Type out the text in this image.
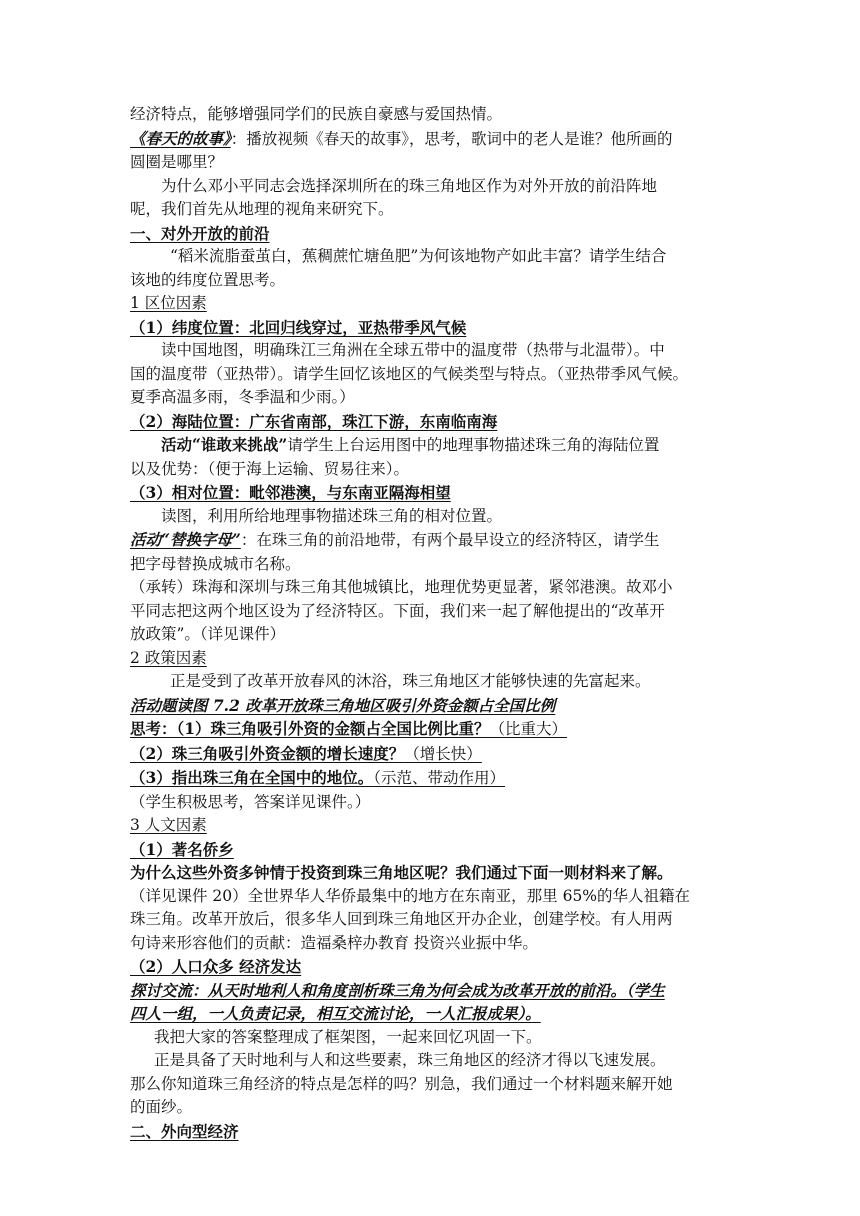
经济特点，能够增强同学们的民族自豪感与爱国热情。
《春天的故事》：播放视频《春天的故事》，思考，歌词中的老人是谁？他所画的
圆圈是哪里？
为什么邓小平同志会选择深圳所在的珠三角地区作为对外开放的前沿阵地
呢，我们首先从地理的视角来研究下。
一、对外开放的前沿
“稻米流脂蚕茧白，蕉稠蔗忙塘鱼肥”为何该地物产如此丰富？请学生结合
该地的纬度位置思考。
1 区位因素
（1）纬度位置：北回归线穿过，亚热带季风气候
读中国地图，明确珠江三角洲在全球五带中的温度带（热带与北温带）。中
国的温度带（亚热带）。请学生回忆该地区的气候类型与特点。（亚热带季风气候。
夏季高温多雨，冬季温和少雨。）
（2）海陆位置：广东省南部，珠江下游，东南临南海
活动“谁敢来挑战”请学生上台运用图中的地理事物描述珠三角的海陆位置
以及优势：（便于海上运输、贸易往来）。
（3）相对位置：毗邻港澳，与东南亚隔海相望
读图，利用所给地理事物描述珠三角的相对位置。
活动“替换字母”：在珠三角的前沿地带，有两个最早设立的经济特区，请学生
把字母替换成城市名称。
（承转）珠海和深圳与珠三角其他城镇比，地理优势更显著，紧邻港澳。故邓小
平同志把这两个地区设为了经济特区。下面，我们来一起了解他提出的“改革开
放政策”。（详见课件）
2 政策因素
正是受到了改革开放春风的沐浴，珠三角地区才能够快速的先富起来。
活动题读图 7.2 改革开放珠三角地区吸引外资金额占全国比例
思考：（1）珠三角吸引外资的金额占全国比例比重？（比重大）
（2）珠三角吸引外资金额的增长速度？（增长快）
（3）指出珠三角在全国中的地位。（示范、带动作用）
（学生积极思考，答案详见课件。）
3 人文因素
（1）著名侨乡
为什么这些外资多钟情于投资到珠三角地区呢？我们通过下面一则材料来了解。
（详见课件 20）全世界华人华侨最集中的地方在东南亚，那里 65%的华人祖籍在
珠三角。改革开放后，很多华人回到珠三角地区开办企业，创建学校。有人用两
句诗来形容他们的贡献：造福桑梓办教育 投资兴业振中华。
（2）人口众多 经济发达
探讨交流：从天时地利人和角度剖析珠三角为何会成为改革开放的前沿。（学生
四人一组，一人负责记录，相互交流讨论，一人汇报成果）。
我把大家的答案整理成了框架图，一起来回忆巩固一下。
正是具备了天时地利与人和这些要素，珠三角地区的经济才得以飞速发展。
那么你知道珠三角经济的特点是怎样的吗？别急，我们通过一个材料题来解开她
的面纱。
二、外向型经济
